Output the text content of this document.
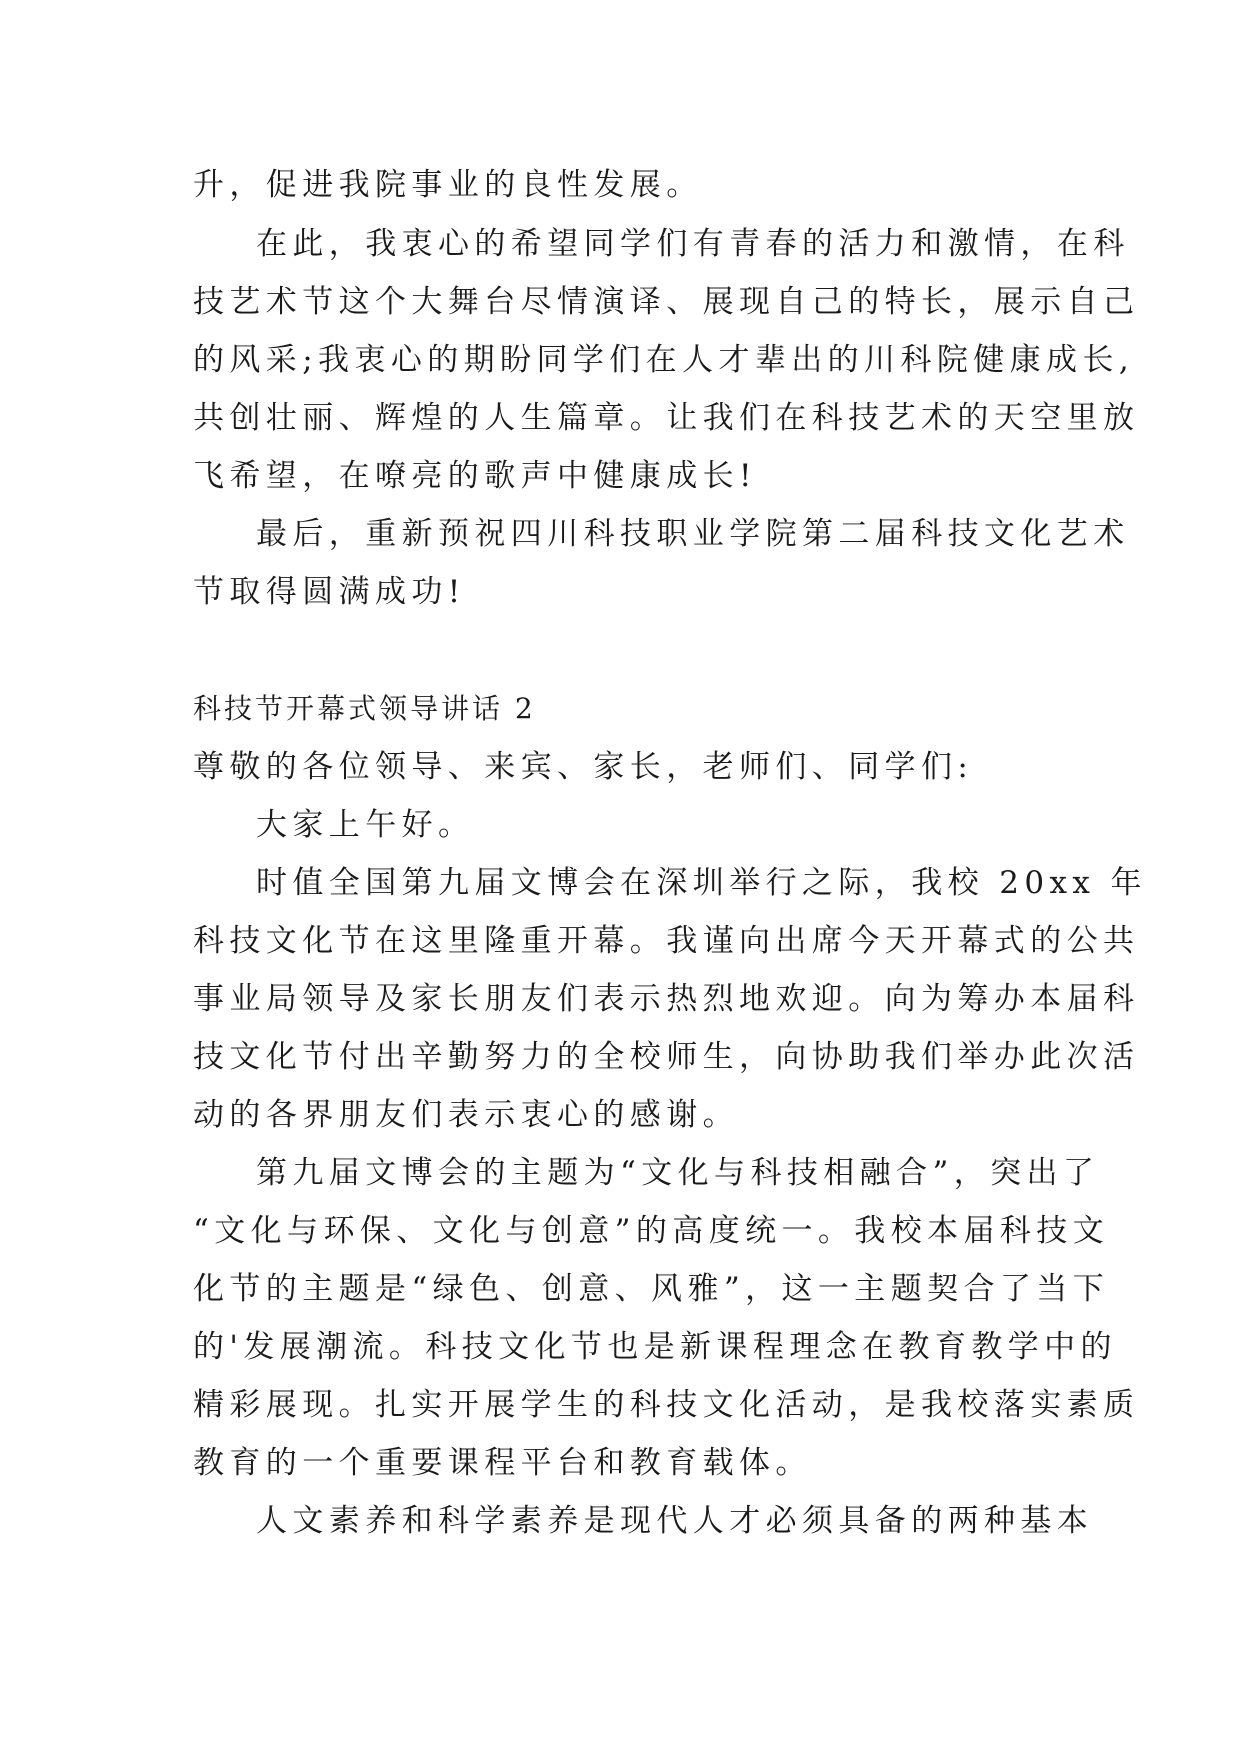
升，促进我院事业的良性发展。
在此，我衷心的希望同学们有青春的活力和激情，在科
技艺术节这个大舞台尽情演译、展现自己的特长，展示自己
的风采;我衷心的期盼同学们在人才辈出的川科院健康成长,
共创壮丽、辉煌的人生篇章。让我们在科技艺术的天空里放
飞希望，在嘹亮的歌声中健康成长!
最后，重新预祝四川科技职业学院第二届科技文化艺术
节取得圆满成功!
科技节开幕式领导讲话 2
尊敬的各位领导、来宾、家长，老师们、同学们:
大家上午好。
时值全国第九届文博会在深圳举行之际，我校 20xx 年
科技文化节在这里隆重开幕。我谨向出席今天开幕式的公共
事业局领导及家长朋友们表示热烈地欢迎。向为筹办本届科
技文化节付出辛勤努力的全校师生，向协助我们举办此次活
动的各界朋友们表示衷心的感谢。
第九届文博会的主题为“文化与科技相融合”，突出了
“文化与环保、文化与创意”的高度统一。我校本届科技文
化节的主题是“绿色、创意、风雅”，这一主题契合了当下
的'发展潮流。科技文化节也是新课程理念在教育教学中的
精彩展现。扎实开展学生的科技文化活动，是我校落实素质
教育的一个重要课程平台和教育载体。
人文素养和科学素养是现代人才必须具备的两种基本
